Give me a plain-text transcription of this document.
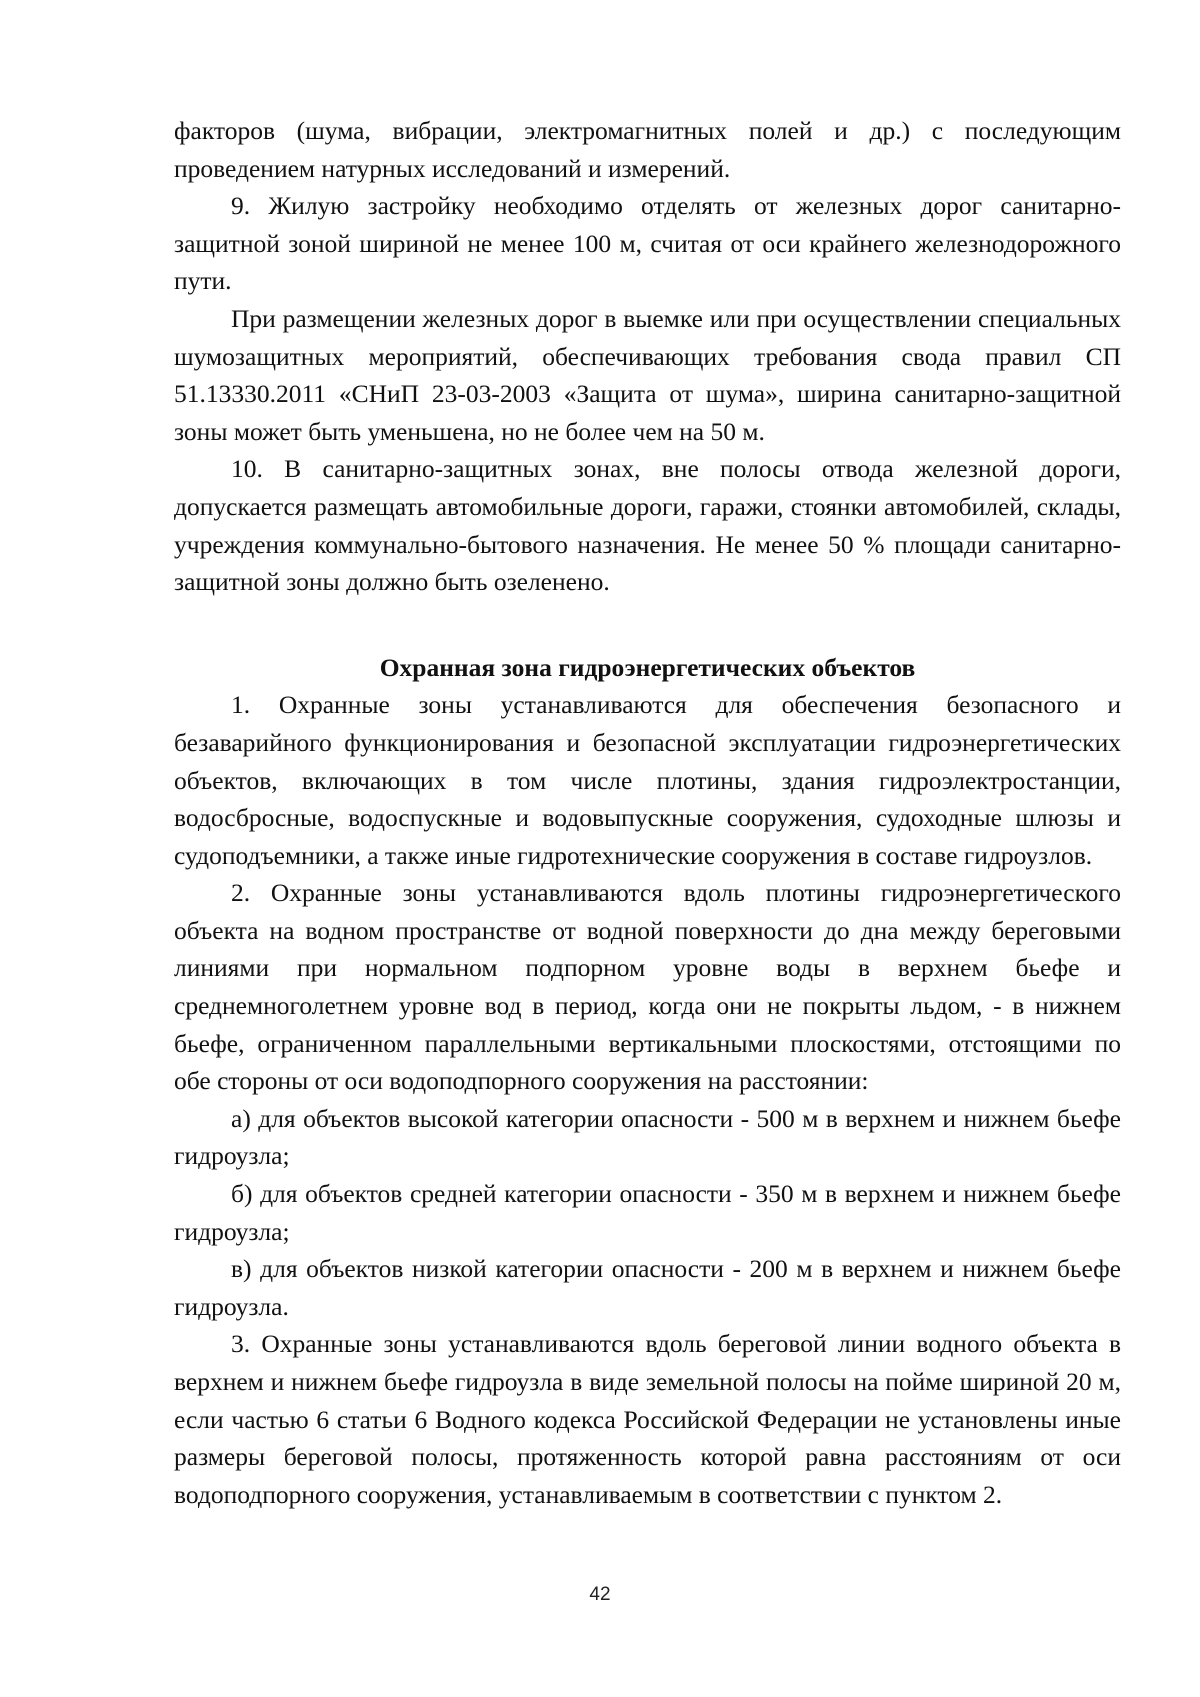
факторов (шума, вибрации, электромагнитных полей и др.) с последующим проведением натурных исследований и измерений.

9. Жилую застройку необходимо отделять от железных дорог санитарно-защитной зоной шириной не менее 100 м, считая от оси крайнего железнодорожного пути.

При размещении железных дорог в выемке или при осуществлении специальных шумозащитных мероприятий, обеспечивающих требования свода правил СП 51.13330.2011 «СНиП 23-03-2003 «Защита от шума», ширина санитарно-защитной зоны может быть уменьшена, но не более чем на 50 м.

10. В санитарно-защитных зонах, вне полосы отвода железной дороги, допускается размещать автомобильные дороги, гаражи, стоянки автомобилей, склады, учреждения коммунально-бытового назначения. Не менее 50 % площади санитарно-защитной зоны должно быть озеленено.

Охранная зона гидроэнергетических объектов

1. Охранные зоны устанавливаются для обеспечения безопасного и безаварийного функционирования и безопасной эксплуатации гидроэнергетических объектов, включающих в том числе плотины, здания гидроэлектростанции, водосбросные, водоспускные и водовыпускные сооружения, судоходные шлюзы и судоподъемники, а также иные гидротехнические сооружения в составе гидроузлов.

2. Охранные зоны устанавливаются вдоль плотины гидроэнергетического объекта на водном пространстве от водной поверхности до дна между береговыми линиями при нормальном подпорном уровне воды в верхнем бьефе и среднемноголетнем уровне вод в период, когда они не покрыты льдом, - в нижнем бьефе, ограниченном параллельными вертикальными плоскостями, отстоящими по обе стороны от оси водоподпорного сооружения на расстоянии:

а) для объектов высокой категории опасности - 500 м в верхнем и нижнем бьефе гидроузла;

б) для объектов средней категории опасности - 350 м в верхнем и нижнем бьефе гидроузла;

в) для объектов низкой категории опасности - 200 м в верхнем и нижнем бьефе гидроузла.

3. Охранные зоны устанавливаются вдоль береговой линии водного объекта в верхнем и нижнем бьефе гидроузла в виде земельной полосы на пойме шириной 20 м, если частью 6 статьи 6 Водного кодекса Российской Федерации не установлены иные размеры береговой полосы, протяженность которой равна расстояниям от оси водоподпорного сооружения, устанавливаемым в соответствии с пунктом 2.

42
